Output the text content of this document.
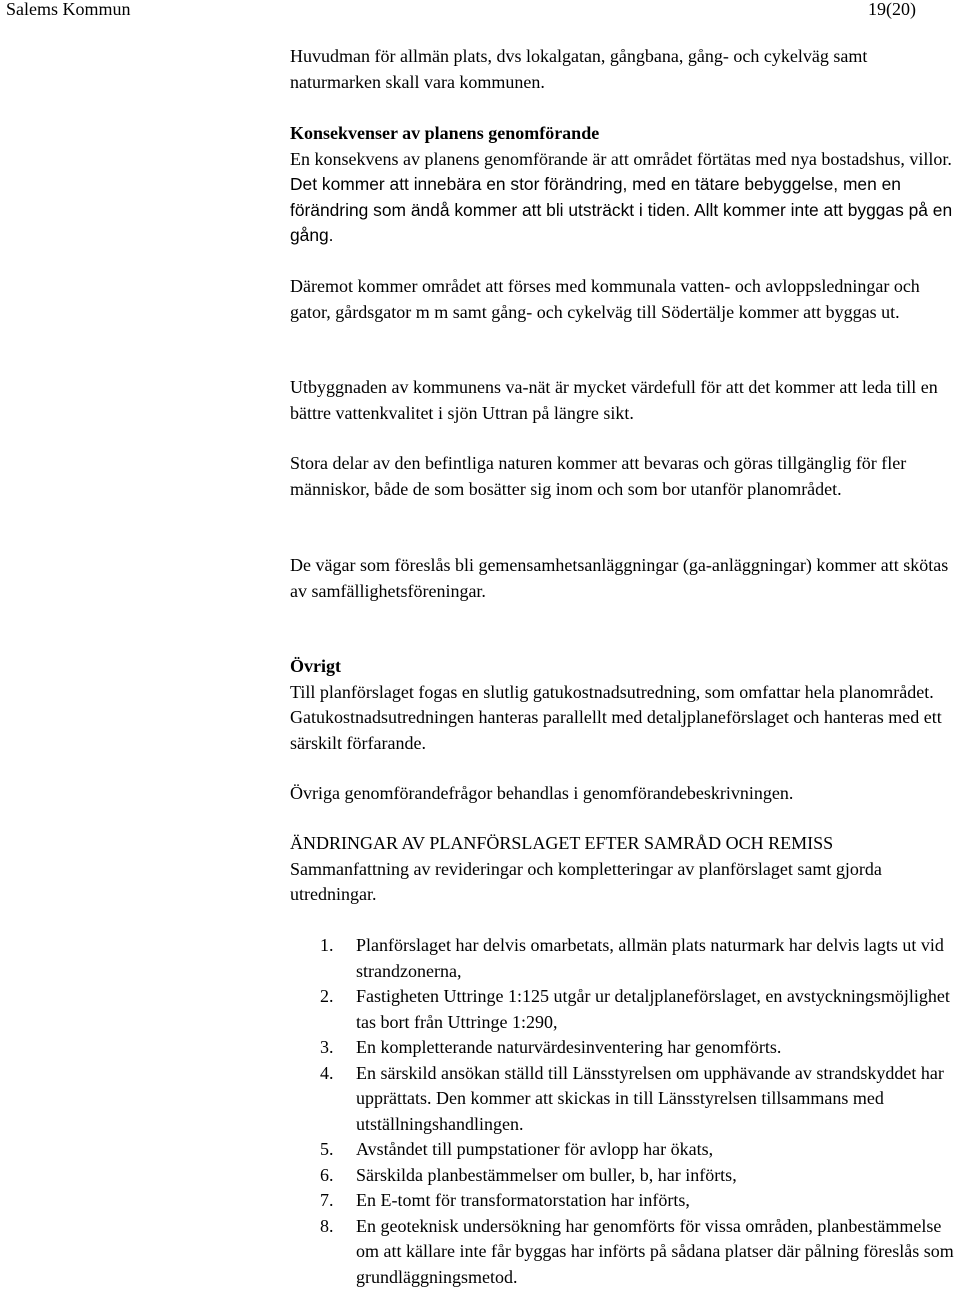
Salems Kommun	19(20)

Huvudman för allmän plats, dvs lokalgatan, gångbana, gång- och cykelväg samt naturmarken skall vara kommunen.

Konsekvenser av planens genomförande

En konsekvens av planens genomförande är att området förtätas med nya bostadshus, villor. Det kommer att innebära en stor förändring, med en tätare bebyggelse, men en förändring som ändå kommer att bli utsträckt i tiden. Allt kommer inte att byggas på en gång.

Däremot kommer området att förses med kommunala vatten- och avloppsledningar och gator, gårdsgator m m samt gång- och cykelväg till Södertälje kommer att byggas ut.

Utbyggnaden av kommunens va-nät är mycket värdefull för att det kommer att leda till en bättre vattenkvalitet i sjön Uttran på längre sikt.

Stora delar av den befintliga naturen kommer att bevaras och göras tillgänglig för fler människor, både de som bosätter sig inom och som bor utanför planområdet.

De vägar som föreslås bli gemensamhetsanläggningar (ga-anläggningar) kommer att skötas av samfällighetsföreningar.

Övrigt

Till planförslaget fogas en slutlig gatukostnadsutredning, som omfattar hela planområdet. Gatukostnadsutredningen hanteras parallellt med detaljplaneförslaget och hanteras med ett särskilt förfarande.

Övriga genomförandefrågor behandlas i genomförandebeskrivningen.

ÄNDRINGAR AV PLANFÖRSLAGET EFTER SAMRÅD OCH REMISS

Sammanfattning av revideringar och kompletteringar av planförslaget samt gjorda utredningar.

1. Planförslaget har delvis omarbetats, allmän plats naturmark har delvis lagts ut vid strandzonerna,
2. Fastigheten Uttringe 1:125 utgår ur detaljplaneförslaget, en avstyckningsmöjlighet tas bort från Uttringe 1:290,
3. En kompletterande naturvärdesinventering har genomförts.
4. En särskild ansökan ställd till Länsstyrelsen om upphävande av strandskyddet har upprättats. Den kommer att skickas in till Länsstyrelsen tillsammans med utställningshandlingen.
5. Avståndet till pumpstationer för avlopp har ökats,
6. Särskilda planbestämmelser om buller, b, har införts,
7. En E-tomt för transformatorstation har införts,
8. En geoteknisk undersökning har genomförts för vissa områden, planbestämmelse om att källare inte får byggas har införts på sådana platser där pålning föreslås som grundläggningsmetod.
